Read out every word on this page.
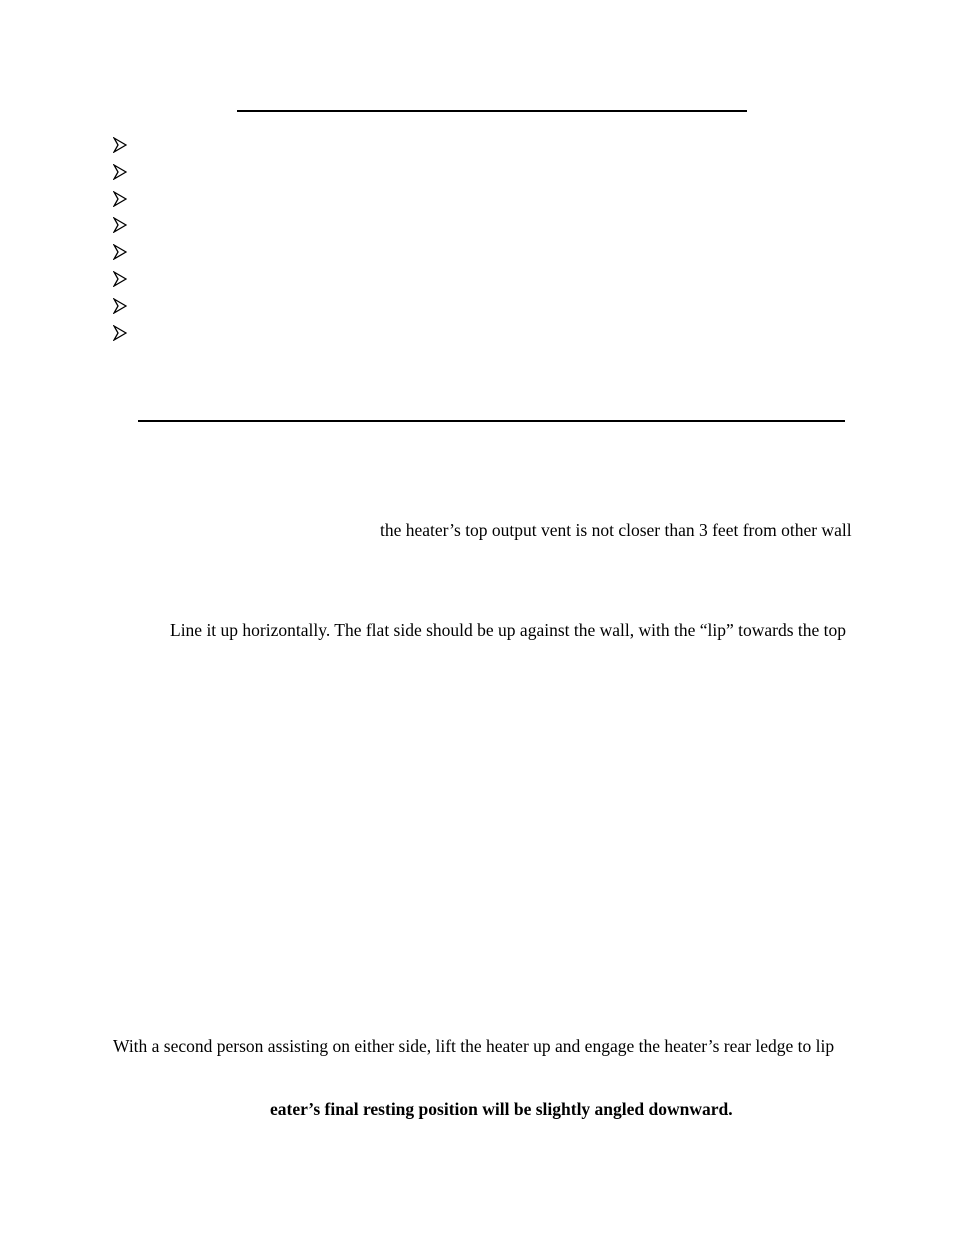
the heater’s top output vent is not closer than 3 feet from other wall

Line it up horizontally. The flat side should be up against the wall, with the “lip” towards the top

With a second person assisting on either side, lift the heater up and engage the heater’s rear ledge to lip

eater’s final resting position will be slightly angled downward.
